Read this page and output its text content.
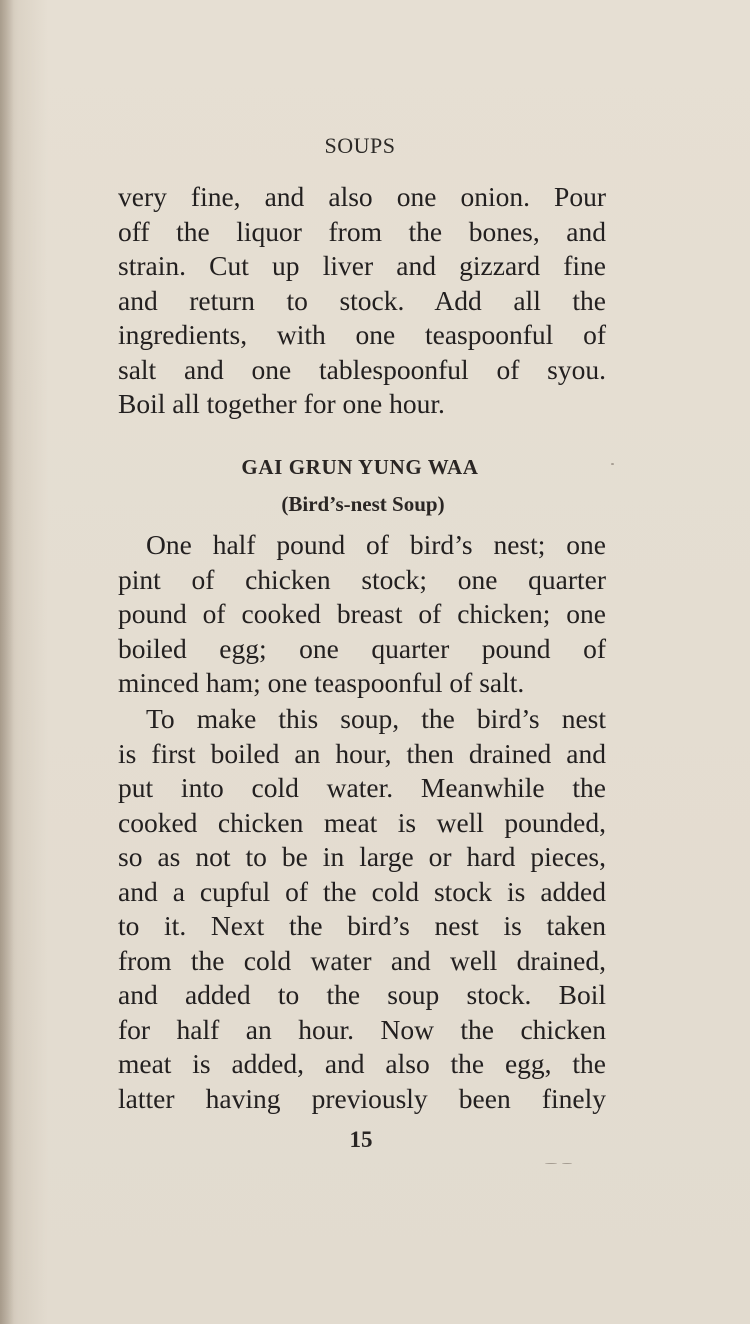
SOUPS
very fine, and also one onion. Pour
off the liquor from the bones, and
strain. Cut up liver and gizzard fine
and return to stock. Add all the
ingredients, with one teaspoonful of
salt and one tablespoonful of syou.
Boil all together for one hour.
GAI GRUN YUNG WAA
(Bird’s-nest Soup)
One half pound of bird’s nest; one
pint of chicken stock; one quarter
pound of cooked breast of chicken; one
boiled egg; one quarter pound of
minced ham; one teaspoonful of salt.
To make this soup, the bird’s nest
is first boiled an hour, then drained and
put into cold water. Meanwhile the
cooked chicken meat is well pounded,
so as not to be in large or hard pieces,
and a cupful of the cold stock is added
to it. Next the bird’s nest is taken
from the cold water and well drained,
and added to the soup stock. Boil
for half an hour. Now the chicken
meat is added, and also the egg, the
latter having previously been finely
15
